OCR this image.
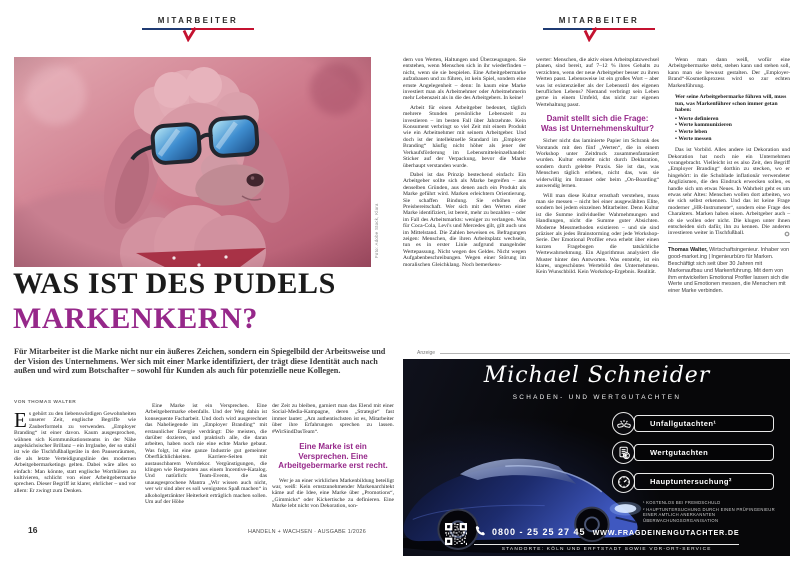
MITARBEITER	MITARBEITER
Foto: Adobe Stock, Klara
WAS IST DES PUDELS
MARKENKERN?
Für Mitarbeiter ist die Marke nicht nur ein äußeres Zeichen, sondern ein Spiegelbild der Arbeitsweise und der Vision des Unternehmens. Wer sich mit einer Marke identifiziert, der trägt diese Identität auch nach außen und wird zum Botschafter – sowohl für Kunden als auch für potenzielle neue Kollegen.
VON THOMAS WALTER

Es gehört zu den liebenswürdigen Gewohnheiten unserer Zeit, englische Begriffe wie Zauberformeln zu verwenden. „Employer Branding“ ist einer davon. Kaum ausgesprochen, wähnen sich Kommunikationsteams in der Nähe angelsächsischer Brillanz – ein Irrglaube, der so stabil ist wie die Tischfußballgeräte in den Pausenräumen, die als letzte Verteidigungslinie des modernen Arbeitgebermarketings gelten. Dabei wäre alles so einfach: Man könnte, statt englische Worthülsen zu kultivieren, schlicht von einer Arbeitgebermarke sprechen. Dieser Begriff ist klarer, ehrlicher – und vor allem: Er zwingt zum Denken.

Eine Marke ist ein Versprechen. Eine Arbeitgebermarke ebenfalls. Und der Weg dahin ist konsequente Facharbeit. Und doch wird ausgerechnet das Naheliegende im „Employer Branding“ mit erstaunlicher Energie verdrängt: Die meisten, die darüber dozieren, und praktisch alle, die daran arbeiten, haben noch nie eine echte Marke gebaut. Was folgt, ist eine ganze Industrie gut gemeinter Oberflächlichkeiten. Karriere-Seiten mit austauschbarem Wortdekor. Vergünstigungen, die klingen wie Restposten aus einem Incentive-Katalog. Und natürlich: Team-Events, die das unausgesprochene Mantra „Wir wissen auch nicht, wer wir sind aber es soll wenigstens Spaß machen“ in alkoholgetränkter Heiterkeit erträglich machen sollen. Um auf der Höhe

der Zeit zu bleiben, garniert man das Elend mit einer Social-Media-Kampagne, deren „Strategie“ fast immer lautet: „Am authentischsten ist es, Mitarbeiter über ihre Erfahrungen sprechen zu lassen. #WirSindDasTeam“.

Eine Marke ist ein Versprechen. Eine Arbeitgebermarke erst recht.

Wer je an einer wirklichen Markenbildung beteiligt war, weiß: Kein ernstzunehmender Markenarchitekt käme auf die Idee, eine Marke über „Promotions“, „Gimmicks“ oder Kickertische zu definieren. Eine Marke lebt nicht von Dekoration, son-

16	HANDELN + WACHSEN · AUSGABE 1/2026

dern von Werten, Haltungen und Überzeugungen. Sie entstehen, wenn Menschen sich in ihr wiederfinden – nicht, wenn sie sie bespielen. Eine Arbeitgebermarke aufzubauen und zu führen, ist kein Spiel, sondern eine ernste Angelegenheit – denn: In kaum eine Marke investiert man als Arbeitnehmer oder Arbeitnehmerin mehr Lebenszeit als in die des Arbeitgebers. In keine!

Arbeit für einen Arbeitgeber bedeutet, täglich mehrere Stunden persönliche Lebenszeit zu investieren – im besten Fall über Jahrzehnte. Kein Konsument verbringt so viel Zeit mit einem Produkt wie ein Arbeitnehmer mit seinem Arbeitgeber. Und doch ist der intellektuelle Standard im „Employer Branding“ häufig nicht höher als jener der Verkaufsförderung im Lebensmitteleinzelhandel: Sticker auf der Verpackung, bevor die Marke überhaupt verstanden wurde.

Dabei ist das Prinzip bestechend einfach: Ein Arbeitgeber sollte sich als Marke begreifen – aus denselben Gründen, aus denen auch ein Produkt als Marke geführt wird. Marken erleichtern Orientierung. Sie schaffen Bindung. Sie erhöhen die Preisbereitschaft. Wer sich mit den Werten einer Marke identifiziert, ist bereit, mehr zu bezahlen – oder im Fall des Arbeitsmarkts: weniger zu verlangen. Was für Coca-Cola, Levi's und Mercedes gilt, gilt auch uns im Mittelstand. Die Zahlen beweisen es. Befragungen zeigen: Menschen, die ihren Arbeitsplatz wechseln, tun es in erster Linie aufgrund mangelnder Wertepassung. Nicht wegen des Geldes. Nicht wegen Aufgabenbeschreibungen. Wegen einer Störung im moralischen Gleichklang. Noch bemerkens-

werter: Menschen, die aktiv einen Arbeitsplatzwechsel planen, sind bereit, auf 7–12 % ihres Gehalts zu verzichten, wenn der neue Arbeitgeber besser zu ihren Werten passt. Lebensweise ist ein großes Wort – aber was ist existenzieller als der Lebensstil des eigenen beruflichen Lebens? Niemand verbringt sein Leben gerne in einem Umfeld, das nicht zur eigenen Wertehaltung passt.

Damit stellt sich die Frage:
Was ist Unternehmenskultur?

Sicher nicht das laminierte Papier im Schrank des Vorstands mit den fünf „Werten“, die in einem Workshop unter Zeitdruck zusammenfantasiert wurden. Kultur entsteht nicht durch Deklaration, sondern durch gelebte Praxis. Sie ist das, was Menschen täglich erleben, nicht das, was sie widerwillig im Intranet oder beim „On-Boarding“ auswendig lernen.

Will man diese Kultur ernsthaft verstehen, muss man sie messen – nicht bei einer ausgewählten Elite, sondern bei jedem einzelnen Mitarbeiter. Denn Kultur ist die Summe individueller Wahrnehmungen und Handlungen, nicht die Summe guter Absichten. Moderne Messmethoden existieren – und sie sind präziser als jedes Brainstorming oder jede Workshop-Serie. Der Emotional Profiler etwa erhebt über einen kurzen Fragebogen die tatsächliche Wertewahrnehmung. Ein Algorithmus analysiert die Muster hinter den Antworten. Was entsteht, ist ein klares, ungeschöntes Wertebild des Unternehmens. Kein Wunschbild. Kein Workshop-Ergebnis. Realität.

Wenn man dann weiß, wofür eine Arbeitgebermarke steht, stehen kann und stehen soll, kann man sie bewusst gestalten. Der „Employer-Brand“-Kosmetikprozess wird so zur echten Markenführung.

Wer seine Arbeitgebermarke führen will, muss tun, was Markenführer schon immer getan haben:

• Werte definieren
• Werte kommunizieren
• Werte leben
• Werte messen

Das ist Vorbild. Alles andere ist Dekoration und Dekoration hat noch nie ein Unternehmen vorangebracht. Vielleicht ist es also Zeit, den Begriff „Employer Branding“ dorthin zu stecken, wo er hingehört: in die Schublade inflationär verwendeter Anglizismen, die den Eindruck erwecken sollen, es handle sich um etwas Neues. In Wahrheit geht es um etwas sehr Altes: Menschen wollen dort arbeiten, wo sie sich selbst erkennen. Und das ist keine Frage moderner „HR-Instrumente“, sondern eine Frage des Charakters. Marken haben einen. Arbeitgeber auch – ob sie wollen oder nicht. Die klugen unter ihnen entscheiden sich dafür, ihn zu kennen. Die anderen investieren weiter in Tischfußball.

Thomas Walter, Wirtschaftsingenieur. Inhaber von good-market.ing | Ingenieurbüro für Marken. Beschäftigt sich seit über 30 Jahren mit Markenaufbau und Markenführung. Mit dem von ihm entwickelten Emotional Profiler lassen sich die Werte und Emotionen messen, die Menschen mit einer Marke verbinden.
Anzeige
Michael Schneider
SCHADEN- UND WERTGUTACHTEN
Unfallgutachten¹
Wertgutachten
Hauptuntersuchung²
¹ KOSTENLOS BEI FREMDSCHULD
² HAUPTUNTERSUCHUNG DURCH EINEN PRÜFINGENIEUR EINER AMTLICH ANERKANNTEN ÜBERWACHUNGSORGANISATION
0800 - 25 25 27 45 WWW.FRAGDEINENGUTACHTER.DE
STANDORTE: KÖLN UND ERFTSTADT SOWIE VOR-ORT-SERVICE
